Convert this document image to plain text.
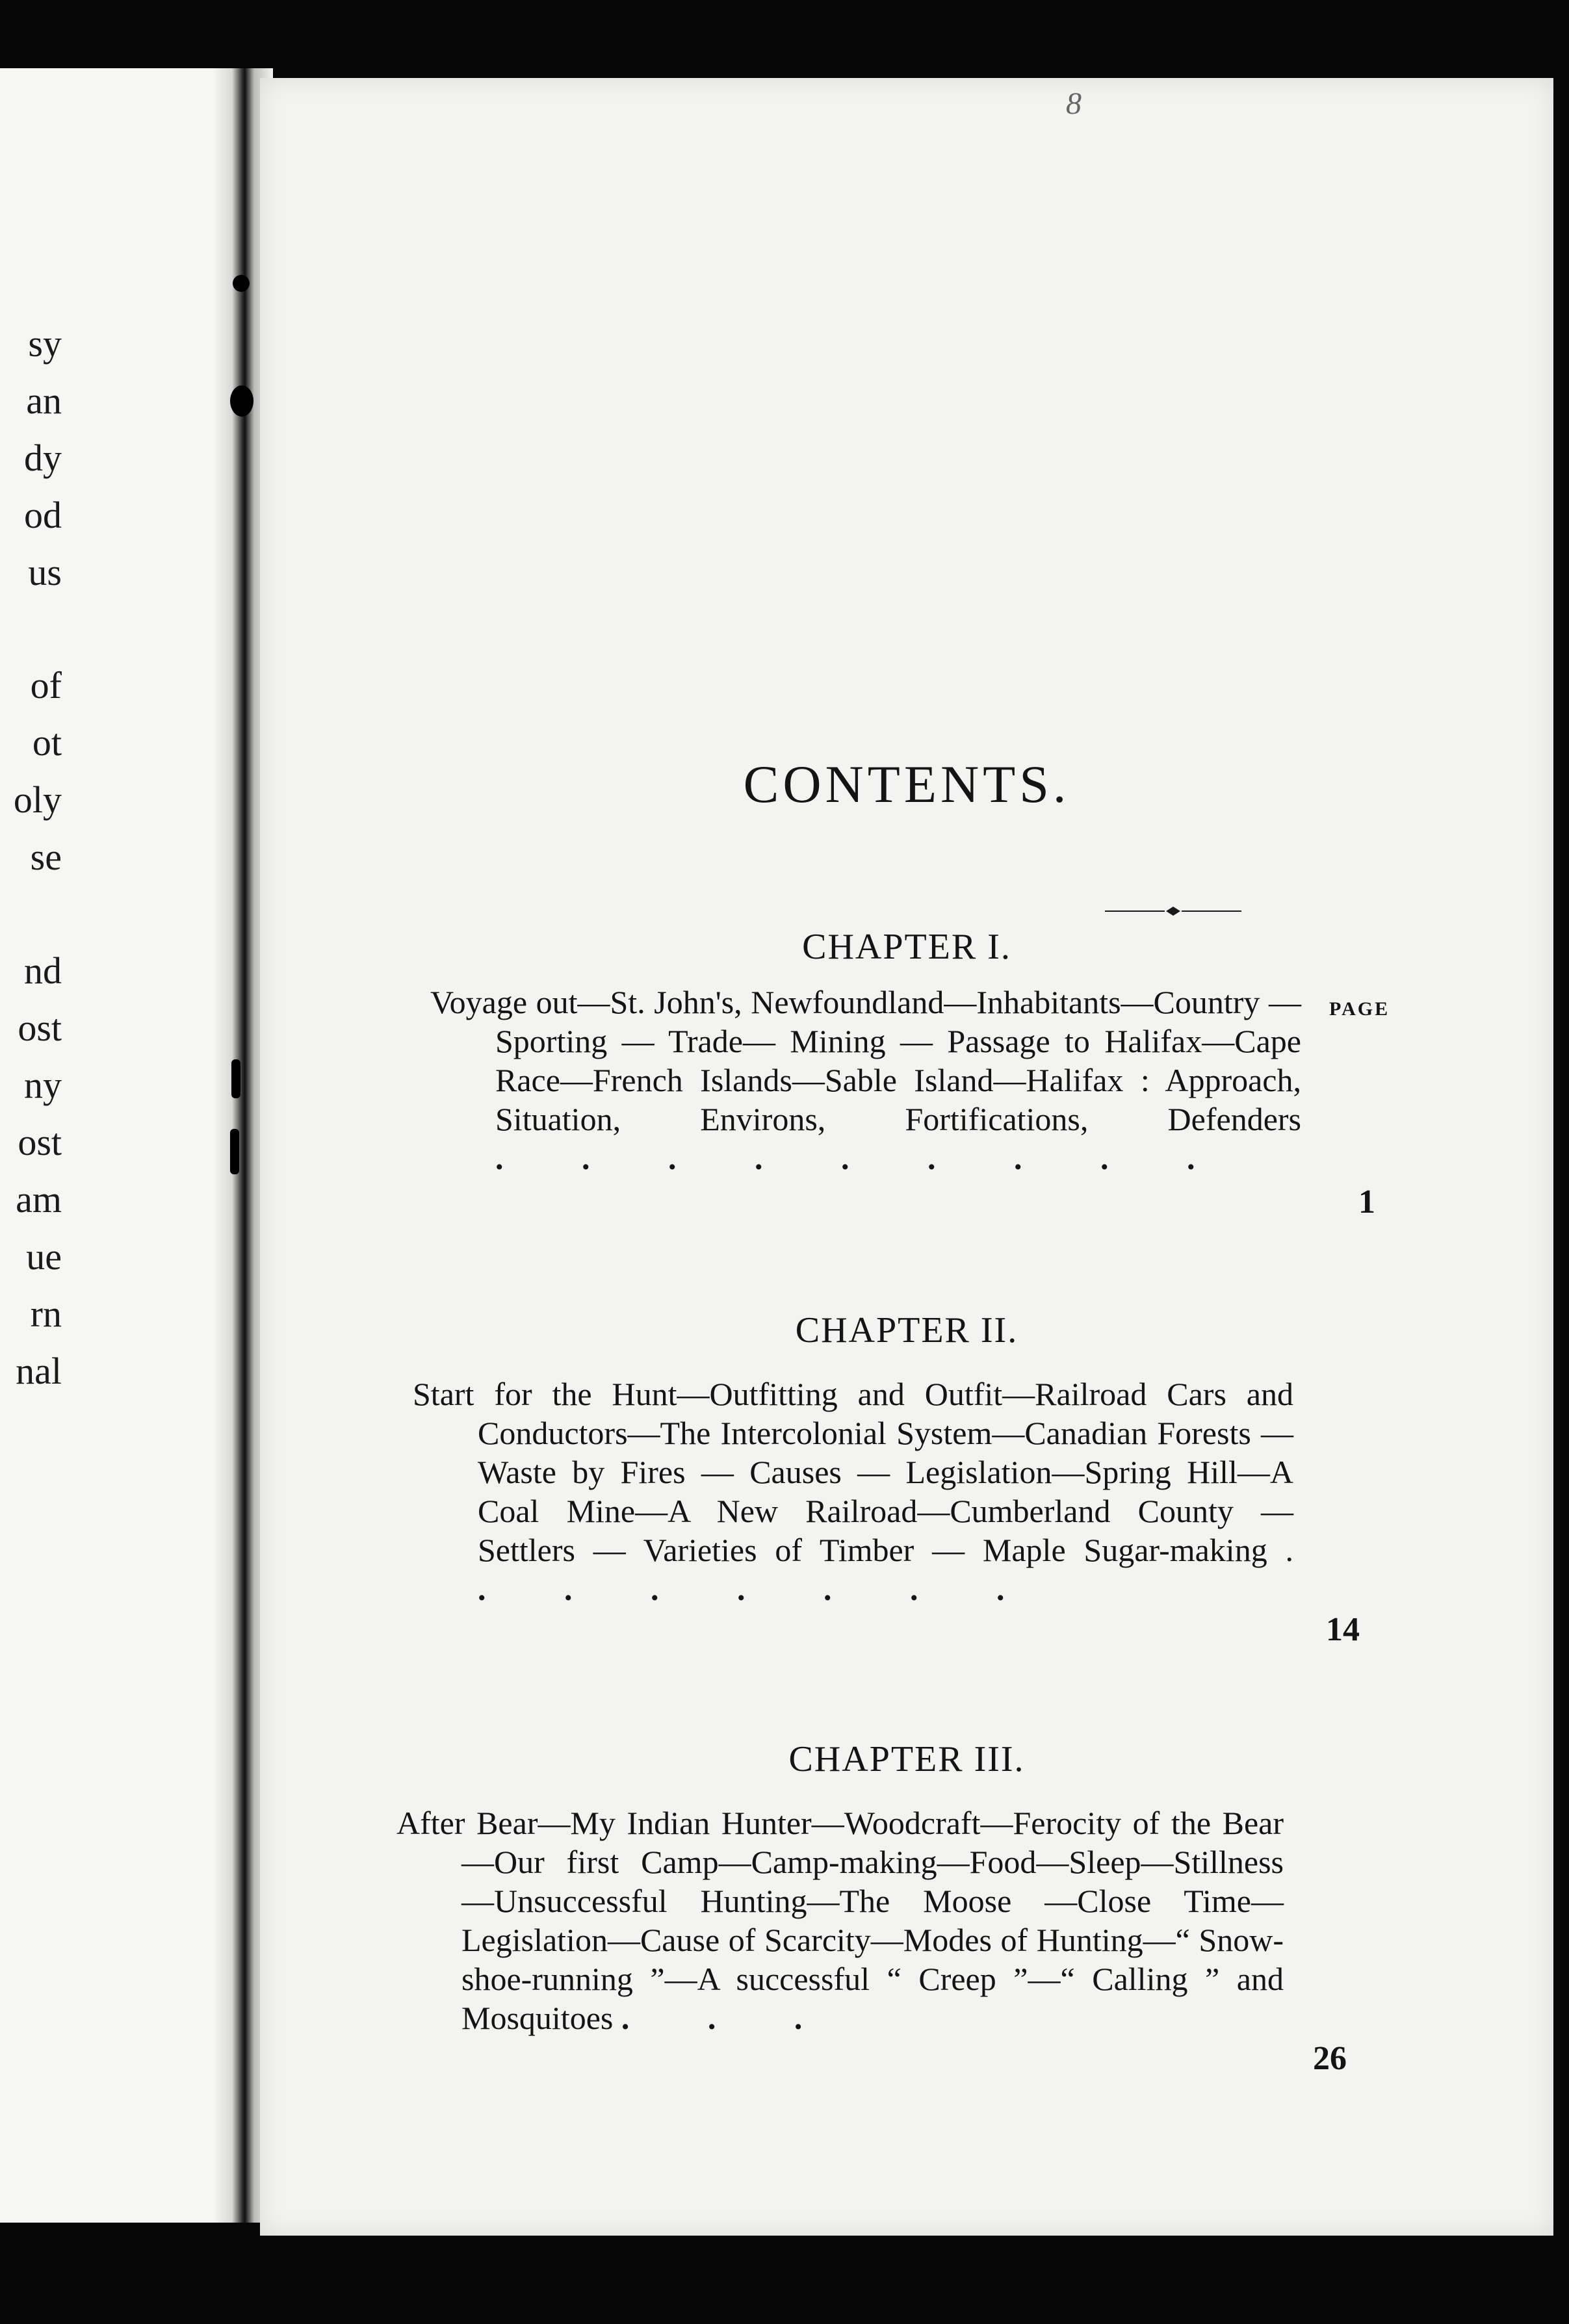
sy
an
dy
od
us
of
ot
oly
se
nd
ost
ny
ost
am
ue
rn
nal
8
CONTENTS.
CHAPTER I.
PAGE
Voyage out—St. John's, Newfoundland—Inhabitants—Country — Sporting — Trade— Mining — Passage to Halifax—Cape Race—French Islands—Sable Island—Halifax : Approach, Situation, Environs, Fortifications, Defenders . . . . . . . . .
1
CHAPTER II.
Start for the Hunt—Outfitting and Outfit—Railroad Cars and Conductors—The Intercolonial System—Canadian Forests — Waste by Fires — Causes — Legislation—Spring Hill—A Coal Mine—A New Railroad—Cumberland County — Settlers — Varieties of Timber — Maple Sugar-making . . . . . . . .
14
CHAPTER III.
After Bear—My Indian Hunter—Woodcraft—Ferocity of the Bear—Our first Camp—Camp-making—Food—Sleep—Stillness—Unsuccessful Hunting—The Moose —Close Time—Legislation—Cause of Scarcity—Modes of Hunting—“ Snow-shoe-running ”—A successful “ Creep ”—“ Calling ” and Mosquitoes . . .
26
